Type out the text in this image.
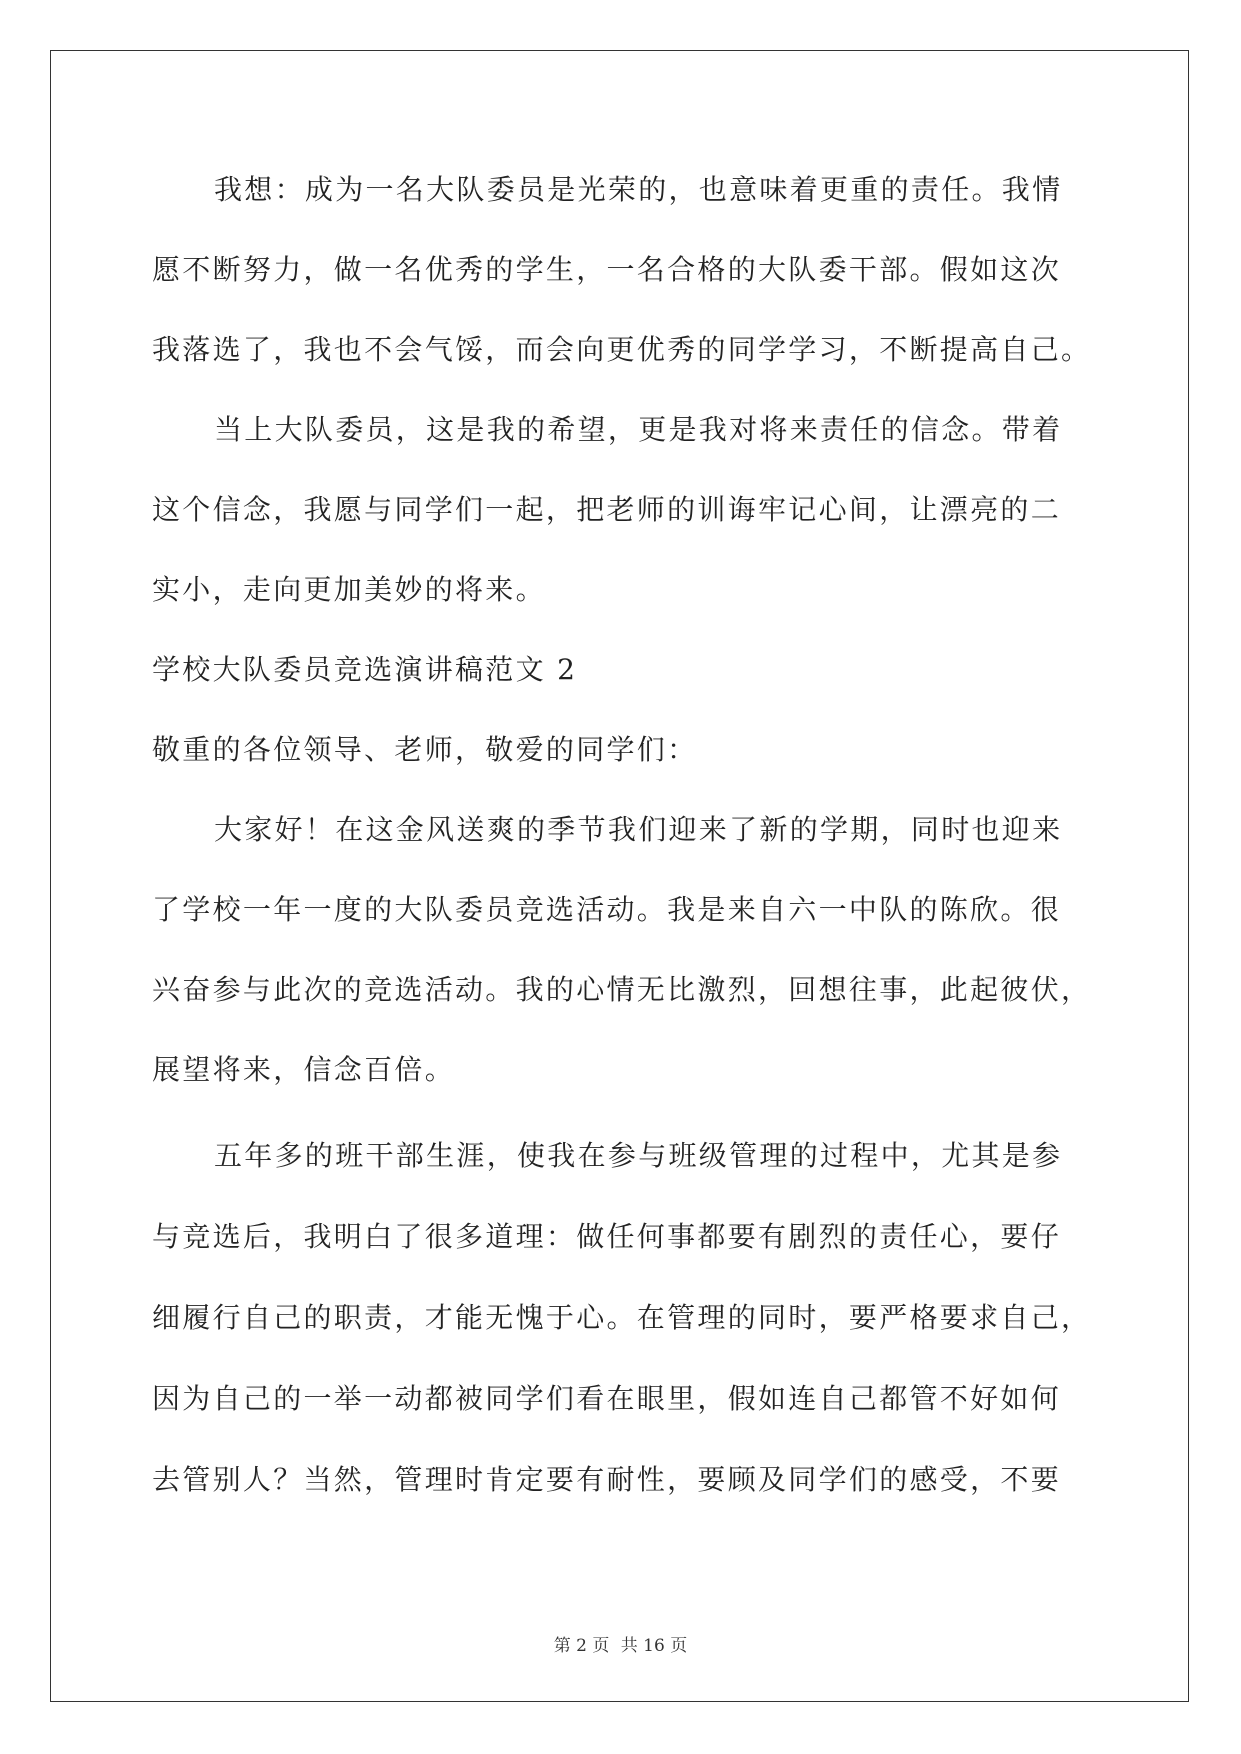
我想：成为一名大队委员是光荣的，也意味着更重的责任。我情
愿不断努力，做一名优秀的学生，一名合格的大队委干部。假如这次
我落选了，我也不会气馁，而会向更优秀的同学学习，不断提高自己。
当上大队委员，这是我的希望，更是我对将来责任的信念。带着
这个信念，我愿与同学们一起，把老师的训诲牢记心间，让漂亮的二
实小，走向更加美妙的将来。
学校大队委员竞选演讲稿范文 2
敬重的各位领导、老师，敬爱的同学们：
大家好！在这金风送爽的季节我们迎来了新的学期，同时也迎来
了学校一年一度的大队委员竞选活动。我是来自六一中队的陈欣。很
兴奋参与此次的竞选活动。我的心情无比激烈，回想往事，此起彼伏，
展望将来，信念百倍。
五年多的班干部生涯，使我在参与班级管理的过程中，尤其是参
与竞选后，我明白了很多道理：做任何事都要有剧烈的责任心，要仔
细履行自己的职责，才能无愧于心。在管理的同时，要严格要求自己，
因为自己的一举一动都被同学们看在眼里，假如连自己都管不好如何
去管别人？当然，管理时肯定要有耐性，要顾及同学们的感受，不要
第 2 页 共 16 页
